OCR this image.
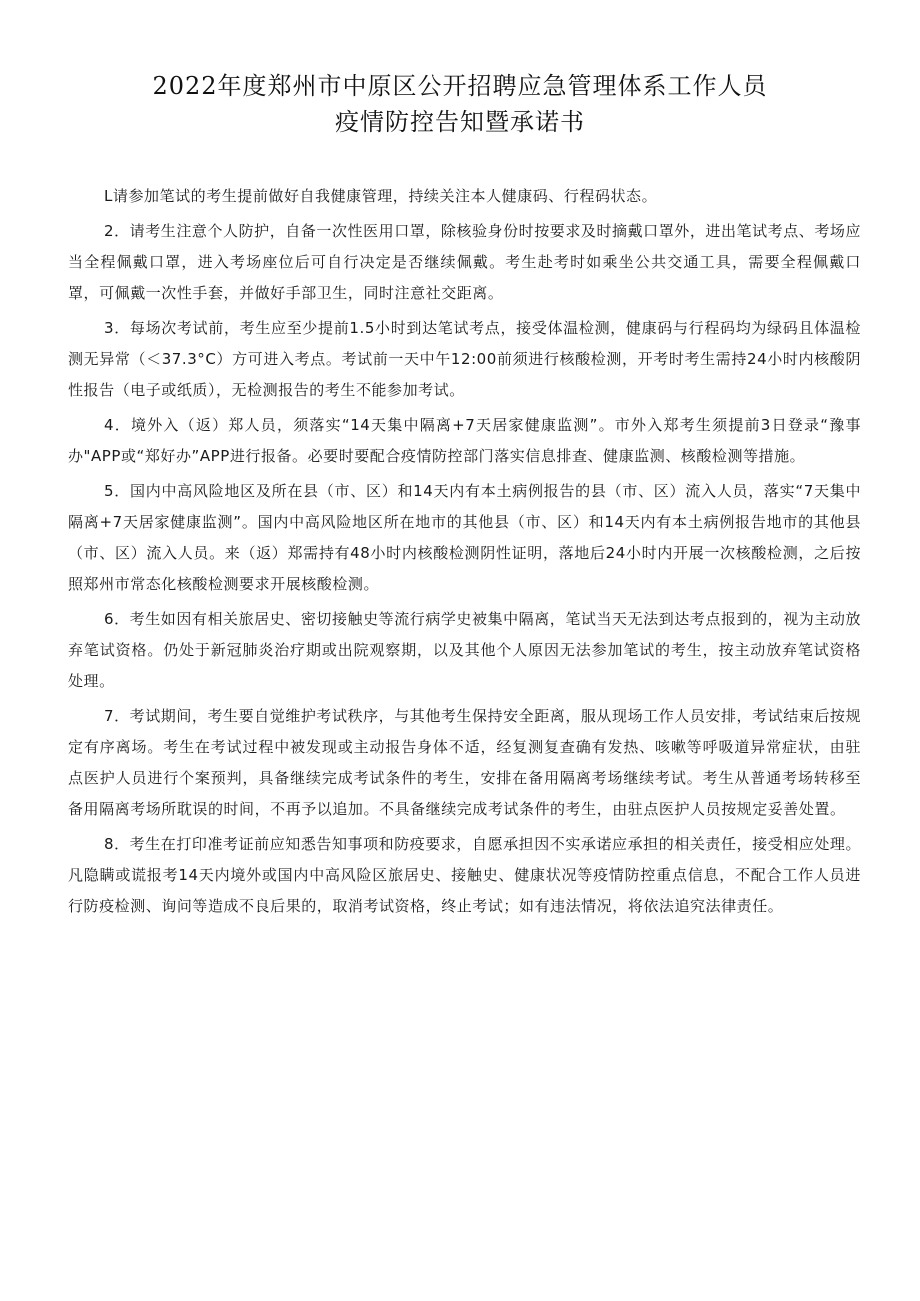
2022年度郑州市中原区公开招聘应急管理体系工作人员
疫情防控告知暨承诺书

L请参加笔试的考生提前做好自我健康管理，持续关注本人健康码、行程码状态。

2．请考生注意个人防护，自备一次性医用口罩，除核验身份时按要求及时摘戴口罩外，进出笔试考点、考场应当全程佩戴口罩，进入考场座位后可自行决定是否继续佩戴。考生赴考时如乘坐公共交通工具，需要全程佩戴口罩，可佩戴一次性手套，并做好手部卫生，同时注意社交距离。

3．每场次考试前，考生应至少提前1.5小时到达笔试考点，接受体温检测，健康码与行程码均为绿码且体温检测无异常（＜37.3°C）方可进入考点。考试前一天中午12:00前须进行核酸检测，开考时考生需持24小时内核酸阴性报告（电子或纸质），无检测报告的考生不能参加考试。

4．境外入（返）郑人员，须落实“14天集中隔离+7天居家健康监测”。市外入郑考生须提前3日登录“豫事办"APP或“郑好办”APP进行报备。必要时要配合疫情防控部门落实信息排查、健康监测、核酸检测等措施。

5．国内中高风险地区及所在县（市、区）和14天内有本土病例报告的县（市、区）流入人员，落实“7天集中隔离+7天居家健康监测”。国内中高风险地区所在地市的其他县（市、区）和14天内有本土病例报告地市的其他县（市、区）流入人员。来（返）郑需持有48小时内核酸检测阴性证明，落地后24小时内开展一次核酸检测，之后按照郑州市常态化核酸检测要求开展核酸检测。

6．考生如因有相关旅居史、密切接触史等流行病学史被集中隔离，笔试当天无法到达考点报到的，视为主动放弃笔试资格。仍处于新冠肺炎治疗期或出院观察期，以及其他个人原因无法参加笔试的考生，按主动放弃笔试资格处理。

7．考试期间，考生要自觉维护考试秩序，与其他考生保持安全距离，服从现场工作人员安排，考试结束后按规定有序离场。考生在考试过程中被发现或主动报告身体不适，经复测复查确有发热、咳嗽等呼吸道异常症状，由驻点医护人员进行个案预判，具备继续完成考试条件的考生，安排在备用隔离考场继续考试。考生从普通考场转移至备用隔离考场所耽误的时间，不再予以追加。不具备继续完成考试条件的考生，由驻点医护人员按规定妥善处置。

8．考生在打印准考证前应知悉告知事项和防疫要求，自愿承担因不实承诺应承担的相关责任，接受相应处理。凡隐瞒或谎报考14天内境外或国内中高风险区旅居史、接触史、健康状况等疫情防控重点信息，不配合工作人员进行防疫检测、询问等造成不良后果的，取消考试资格，终止考试；如有违法情况，将依法追究法律责任。
